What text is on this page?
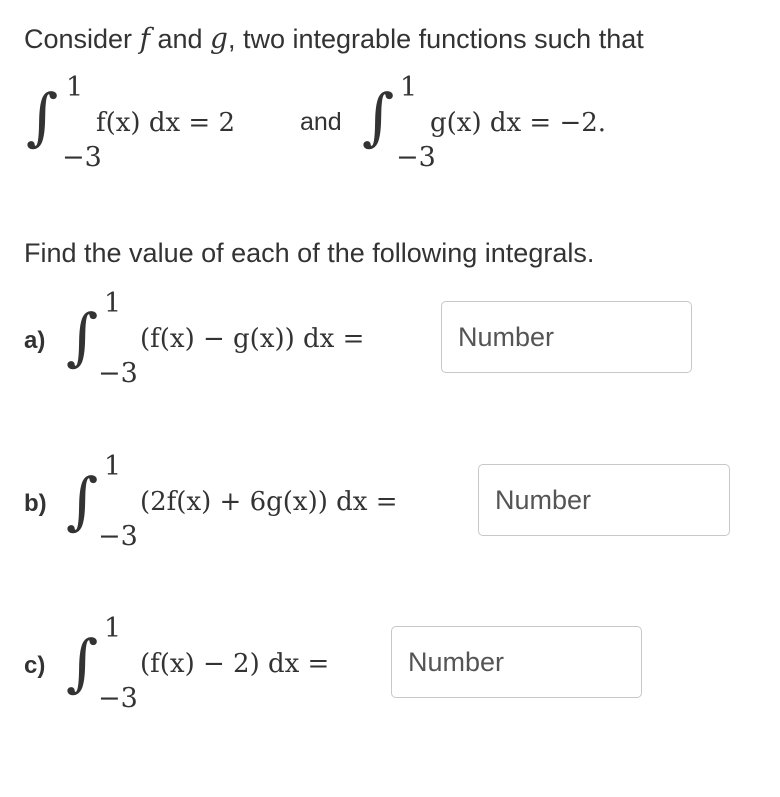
Consider f and g, two integrable functions such that
∫ 1
−3
f(x) dx = 2	and ∫ 1
−3
g(x) dx = −2.
Find the value of each of the following integrals.
a) ∫ 1
−3
(f(x) − g(x)) dx =
Number
b) ∫ 1
−3
(2f(x) + 6g(x)) dx =
Number
c) ∫ 1
−3
(f(x) − 2) dx =
Number
